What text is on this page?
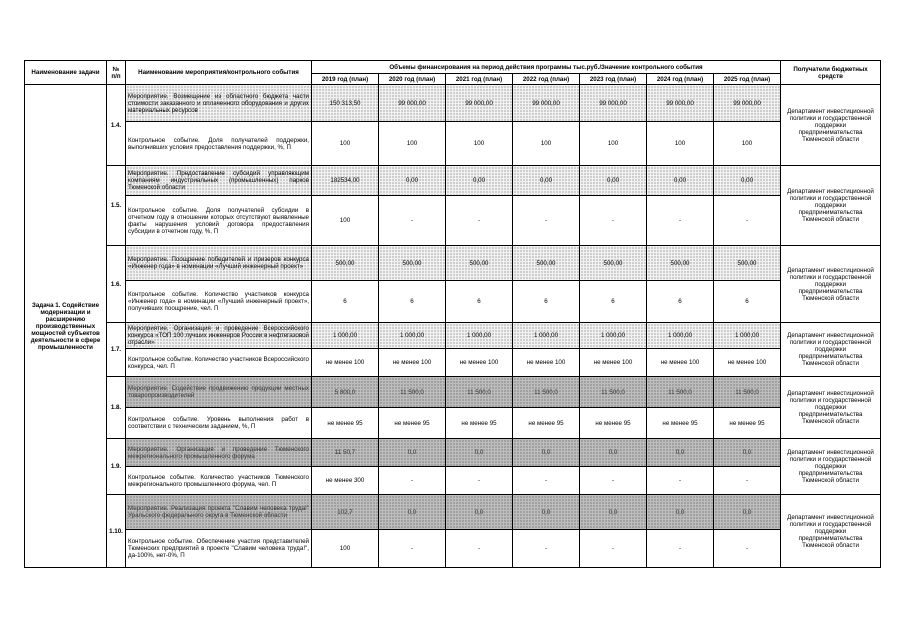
Наименование задачи	№ п/п	Наименование мероприятия/контрольного события	Объемы финансирования на период действия программы тыс.руб./Значение контрольного события							Получатели бюджетных средств
			2019 год (план)	2020 год (план)	2021 год (план)	2022 год (план)	2023 год (план)	2024 год (план)	2025 год (план)	
Задача 1. Содействие модернизации и расширению производственных мощностей субъектов деятельности в сфере промышленности	1.4.	Мероприятие. Возмещение из областного бюджета части стоимости заказанного и оплаченного оборудования и других материальных ресурсов	150 313,50	99 000,00	99 000,00	99 000,00	99 000,00	99 000,00	99 000,00	Департамент инвестиционной политики и государственной поддержки предпринимательства Тюменской области
		Контрольное событие. Доля получателей поддержки, выполнивших условия предоставления поддержки, %, П	100	100	100	100	100	100	100	
	1.5.	Мероприятие. Предоставление субсидий управляющим компаниям индустриальных (промышленных) парков Тюменской области	182534,00	0,00	0,00	0,00	0,00	0,00	0,00	Департамент инвестиционной политики и государственной поддержки предпринимательства Тюменской области
		Контрольное событие. Доля получателей субсидии в отчетном году в отношении которых отсутствуют выявленные факты нарушения условий договора предоставления субсидии в отчетном году, %, П	100	-	-	-	-	-	-	
	1.6.	Мероприятие. Поощрение победителей и призеров конкурса «Инженер года» в номинации «Лучший инженерный проект»	500,00	500,00	500,00	500,00	500,00	500,00	500,00	Департамент инвестиционной политики и государственной поддержки предпринимательства Тюменской области
		Контрольное событие. Количество участников конкурса «Инженер года» в номинации «Лучший инженерный проект», получивших поощрение, чел. П	6	6	6	6	6	6	6	
	1.7.	Мероприятие. Организация и проведение Всероссийского конкурса «ТОП 100 лучших инженеров России в нефтегазовой отрасли»	1 000,00	1 000,00	1 000,00	1 000,00	1 000,00	1 000,00	1 000,00	Департамент инвестиционной политики и государственной поддержки предпринимательства Тюменской области
		Контрольное событие. Количество участников Всероссийского конкурса, чел. П	не менее 100	не менее 100	не менее 100	не менее 100	не менее 100	не менее 100	не менее 100	
	1.8.	Мероприятие. Содействие продвижению продукции местных товаропроизводителей	5 800,0	11 500,0	11 500,0	11 500,0	11 500,0	11 500,0	11 500,0	Департамент инвестиционной политики и государственной поддержки предпринимательства Тюменской области
		Контрольное событие. Уровень выполнения работ в соответствии с техническим заданием, %, П	не менее 95	не менее 95	не менее 95	не менее 95	не менее 95	не менее 95	не менее 95	
	1.9.	Мероприятие. Организация и проведение Тюменского межрегионального промышленного форума	11 50,7	0,0	0,0	0,0	0,0	0,0	0,0	Департамент инвестиционной политики и государственной поддержки предпринимательства Тюменской области
		Контрольное событие. Количество участников Тюменского межрегионального промышленного форума, чел. П	не менее 300	-	-	-	-	-	-	
	1.10.	Мероприятие. Реализация проекта "Славим человека труда!" Уральского федерального округа в Тюменской области	102,7	0,0	0,0	0,0	0,0	0,0	0,0	Департамент инвестиционной политики и государственной поддержки предпринимательства Тюменской области
		Контрольное событие. Обеспечение участия представителей Тюменских предприятий в проекте "Славим человека труда!", да-100%, нет-0%, П	100	-	-	-	-	-	-	
